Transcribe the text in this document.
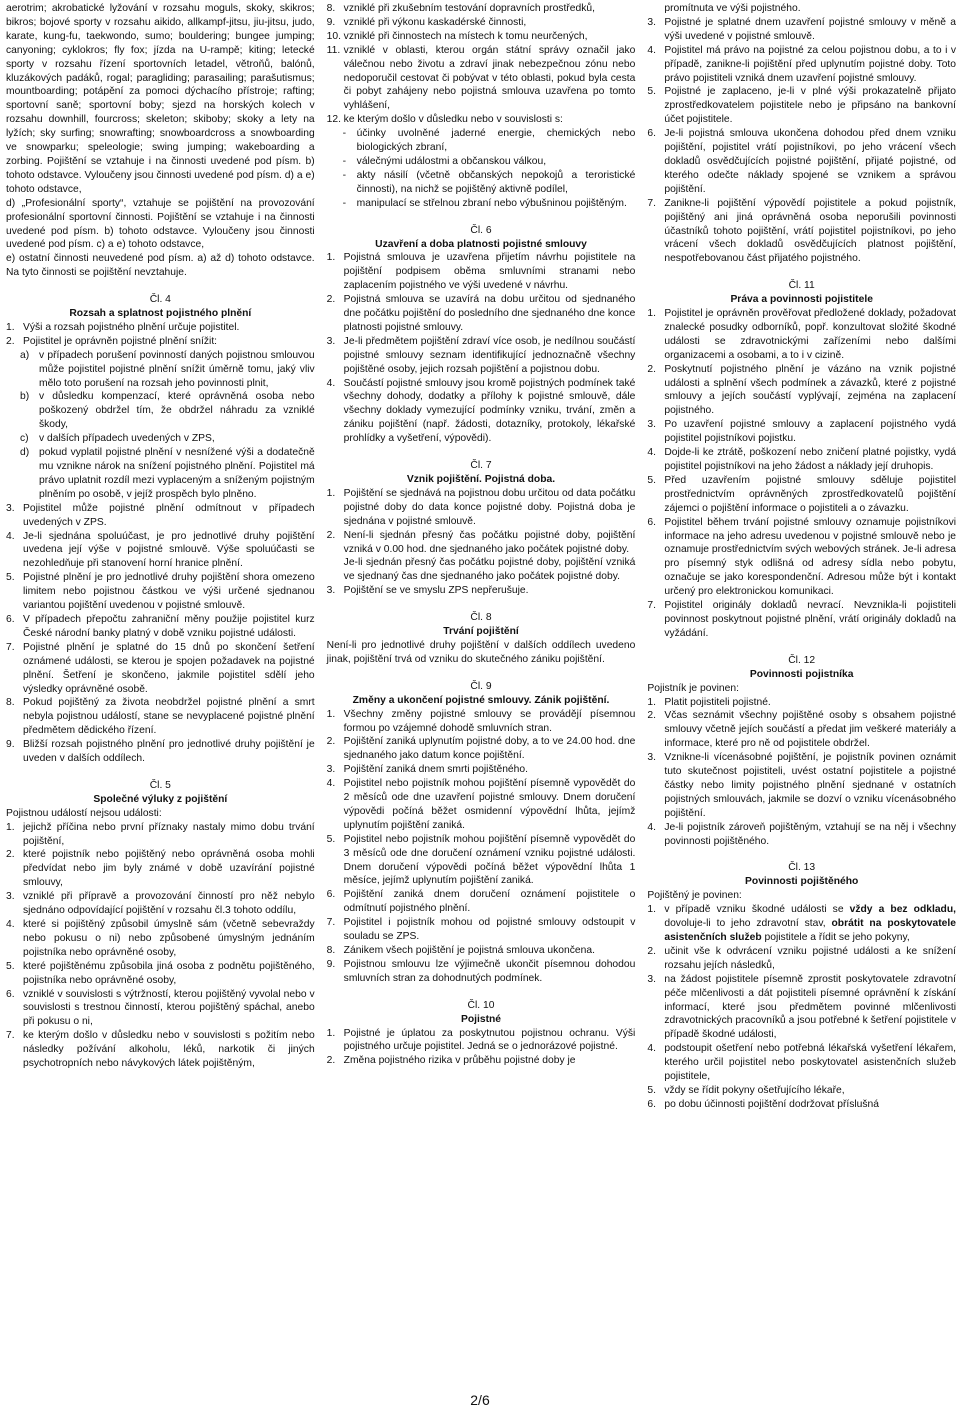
aerotrim; akrobatické lyžování v rozsahu moguls, skoky, skikros; bikros; bojové sporty v rozsahu aikido, allkampf-jitsu, jiu-jitsu, judo, karate, kung-fu, taekwondo, sumo; bouldering; bungee jumping; canyoning; cyklokros; fly fox; jízda na U-rampě; kiting; letecké sporty v rozsahu řízení sportovních letadel, větroňů, balónů, kluzákových padáků, rogal; paragliding; parasailing; parašutismus; mountboarding; potápění za pomoci dýchacího přístroje; rafting; sportovní saně; sportovní boby; sjezd na horských kolech v rozsahu downhill, fourcross; skeleton; skiboby; skoky a lety na lyžích; sky surfing; snowrafting; snowboardcross a snowboarding ve snowparku; speleologie; swing jumping; wakeboarding a zorbing. Pojištění se vztahuje i na činnosti uvedené pod písm. b) tohoto odstavce. Vyloučeny jsou činnosti uvedené pod písm. d) a e) tohoto odstavce,

d) „Profesionální sporty“, vztahuje se pojištění na provozování profesionální sportovní činnosti. Pojištění se vztahuje i na činnosti uvedené pod písm. b) tohoto odstavce. Vyloučeny jsou činnosti uvedené pod písm. c) a e) tohoto odstavce,

e) ostatní činnosti neuvedené pod písm. a) až d) tohoto odstavce. Na tyto činnosti se pojištění nevztahuje.

Čl. 4
Rozsah a splatnost pojistného plnění

1. Výši a rozsah pojistného plnění určuje pojistitel.
2. Pojistitel je oprávněn pojistné plnění snížit:
a) v případech porušení povinností daných pojistnou smlouvou může pojistitel pojistné plnění snížit úměrně tomu, jaký vliv mělo toto porušení na rozsah jeho povinnosti plnit,
b) v důsledku kompenzací, které oprávněná osoba nebo poškozený obdržel tím, že obdržel náhradu za vzniklé škody,
c)	v dalších případech uvedených v ZPS,
d) pokud vyplatil pojistné plnění v nesnížené výši a dodatečně mu vznikne nárok na snížení pojistného plnění. Pojistitel má právo uplatnit rozdíl mezi vyplaceným a sníženým pojistným plněním po osobě, v jejíž prospěch bylo plněno.
3. Pojistitel může pojistné plnění odmítnout v případech uvedených v ZPS.
4. Je-li sjednána spoluúčast, je pro jednotlivé druhy pojištění uvedena její výše v pojistné smlouvě. Výše spoluúčasti se nezohledňuje při stanovení horní hranice plnění.
5. Pojistné plnění je pro jednotlivé druhy pojištění shora omezeno limitem nebo pojistnou částkou ve výši určené sjednanou variantou pojištění uvedenou v pojistné smlouvě.
6. V případech přepočtu zahraniční měny použije pojistitel kurz České národní banky platný v době vzniku pojistné události.
7. Pojistné plnění je splatné do 15 dnů po skončení šetření oznámené události, se kterou je spojen požadavek na pojistné plnění. Šetření je skončeno, jakmile pojistitel sdělí jeho výsledky oprávněné osobě.
8. Pokud pojištěný za života neobdržel pojistné plnění a smrt nebyla pojistnou událostí, stane se nevyplacené pojistné plnění předmětem dědického řízení.
9. Bližší rozsah pojistného plnění pro jednotlivé druhy pojištění je uveden v dalších oddílech.

Čl. 5
Společné výluky z pojištění

Pojistnou událostí nejsou události:

1. jejichž příčina nebo první příznaky nastaly mimo dobu trvání pojištění,
2. které pojistník nebo pojištěný nebo oprávněná osoba mohli předvídat nebo jim byly známé v době uzavírání pojistné smlouvy,
3. vzniklé při přípravě a provozování činností pro něž nebylo sjednáno odpovídající pojištění v rozsahu čl.3 tohoto oddílu,
4. které si pojištěný způsobil úmyslně sám (včetně sebevraždy nebo pokusu o ni) nebo způsobené úmyslným jednáním pojistníka nebo oprávněné osoby,
5. které pojištěnému způsobila jiná osoba z podnětu pojištěného, pojistníka nebo oprávněné osoby,
6. vzniklé v souvislosti s výtržností, kterou pojištěný vyvolal nebo v souvislosti s trestnou činností, kterou pojištěný spáchal, anebo při pokusu o ni,
7. ke kterým došlo v důsledku nebo v souvislosti s požitím nebo následky požívání alkoholu, léků, narkotik či jiných psychotropních nebo návykových látek pojištěným,
8. vzniklé při zkušebním testování dopravních prostředků,
9. vzniklé při výkonu kaskadérské činnosti,
10. vzniklé při činnostech na místech k tomu neurčených,
11. vzniklé v oblasti, kterou orgán státní správy označil jako válečnou nebo životu a zdraví jinak nebezpečnou zónu nebo nedoporučil cestovat či pobývat v této oblasti, pokud byla cesta či pobyt zahájeny nebo pojistná smlouva uzavřena po tomto vyhlášení,
12. ke kterým došlo v důsledku nebo v souvislosti s:
-	účinky uvolněné jaderné energie, chemických nebo biologických zbraní,
-	válečnými událostmi a občanskou válkou,
-	akty násilí (včetně občanských nepokojů a teroristické činnosti), na nichž se pojištěný aktivně podílel,
-	manipulací se střelnou zbraní nebo výbušninou pojištěným.

Čl. 6
Uzavření a doba platnosti pojistné smlouvy

1. Pojistná smlouva je uzavřena přijetím návrhu pojistitele na pojištění podpisem oběma smluvními stranami nebo zaplacením pojistného ve výši uvedené v návrhu.
2. Pojistná smlouva se uzavírá na dobu určitou od sjednaného dne počátku pojištění do posledního dne sjednaného dne konce platnosti pojistné smlouvy.
3. Je-li předmětem pojištění zdraví více osob, je nedílnou součástí pojistné smlouvy seznam identifikující jednoznačně všechny pojištěné osoby, jejich rozsah pojištění a pojistnou dobu.
4. Součástí pojistné smlouvy jsou kromě pojistných podmínek také všechny dohody, dodatky a přílohy k pojistné smlouvě, dále všechny doklady vymezující podmínky vzniku, trvání, změn a zániku pojištění (např. žádosti, dotazníky, protokoly, lékařské prohlídky a vyšetření, výpovědi).

Čl. 7
Vznik pojištění. Pojistná doba.

1. Pojištění se sjednává na pojistnou dobu určitou od data počátku pojistné doby do data konce pojistné doby. Pojistná doba je sjednána v pojistné smlouvě.
2. Není-li sjednán přesný čas počátku pojistné doby, pojištění vzniká v 0.00 hod. dne sjednaného jako počátek pojistné doby.

Je-li sjednán přesný čas počátku pojistné doby, pojištění vzniká ve sjednaný čas dne sjednaného jako počátek pojistné doby.

3. Pojištění se ve smyslu ZPS nepřerušuje.

Čl. 8
Trvání pojištění

Není-li pro jednotlivé druhy pojištění v dalších oddílech uvedeno jinak, pojištění trvá od vzniku do skutečného zániku pojištění.

Čl. 9
Změny a ukončení pojistné smlouvy. Zánik pojištění.

1. Všechny změny pojistné smlouvy se provádějí písemnou formou po vzájemné dohodě smluvních stran.
2. Pojištění zaniká uplynutím pojistné doby, a to ve 24.00 hod. dne sjednaného jako datum konce pojištění.
3. Pojištění zaniká dnem smrti pojištěného.
4. Pojistitel nebo pojistník mohou pojištění písemně vypovědět do 2 měsíců ode dne uzavření pojistné smlouvy. Dnem doručení výpovědi počíná běžet osmidenní výpovědní lhůta, jejímž uplynutím pojištění zaniká.
5. Pojistitel nebo pojistník mohou pojištění písemně vypovědět do 3 měsíců ode dne doručení oznámení vzniku pojistné události. Dnem doručení výpovědi počíná běžet výpovědní lhůta 1 měsíce, jejímž uplynutím pojištění zaniká.
6. Pojištění zaniká dnem doručení oznámení pojistitele o odmítnutí pojistného plnění.
7. Pojistitel i pojistník mohou od pojistné smlouvy odstoupit v souladu se ZPS.
8. Zánikem všech pojištění je pojistná smlouva ukončena.
9. Pojistnou smlouvu lze výjimečně ukončit písemnou dohodou smluvních stran za dohodnutých podmínek.

Čl. 10
Pojistné

1. Pojistné je úplatou za poskytnutou pojistnou ochranu. Výši pojistného určuje pojistitel. Jedná se o jednorázové pojistné.
2. Změna pojistného rizika v průběhu pojistné doby je

promítnuta ve výši pojistného.

3. Pojistné je splatné dnem uzavření pojistné smlouvy v měně a výši uvedené v pojistné smlouvě.
4. Pojistitel má právo na pojistné za celou pojistnou dobu, a to i v případě, zanikne-li pojištění před uplynutím pojistné doby. Toto právo pojistiteli vzniká dnem uzavření pojistné smlouvy.
5. Pojistné je zaplaceno, je-li v plné výši prokazatelně přijato zprostředkovatelem pojistitele nebo je připsáno na bankovní účet pojistitele.
6. Je-li pojistná smlouva ukončena dohodou před dnem vzniku pojištění, pojistitel vrátí pojistníkovi, po jeho vrácení všech dokladů osvědčujících pojistné pojištění, přijaté pojistné, od kterého odečte náklady spojené se vznikem a správou pojištění.
7. Zanikne-li pojištění výpovědí pojistitele a pokud pojistník, pojištěný ani jiná oprávněná osoba neporušili povinnosti účastníků tohoto pojištění, vrátí pojistitel pojistníkovi, po jeho vrácení všech dokladů osvědčujících platnost pojištění, nespotřebovanou část přijatého pojistného.

Čl. 11
Práva a povinnosti pojistitele

1. Pojistitel je oprávněn prověřovat předložené doklady, požadovat znalecké posudky odborníků, popř. konzultovat složité škodné události se zdravotnickými zařízeními nebo dalšími organizacemi a osobami, a to i v cizině.
2. Poskytnutí pojistného plnění je vázáno na vznik pojistné události a splnění všech podmínek a závazků, které z pojistné smlouvy a jejích součástí vyplývají, zejména na zaplacení pojistného.
3. Po uzavření pojistné smlouvy a zaplacení pojistného vydá pojistitel pojistníkovi pojistku.
4. Dojde-li ke ztrátě, poškození nebo zničení platné pojistky, vydá pojistitel pojistníkovi na jeho žádost a náklady její druhopis.
5. Před uzavřením pojistné smlouvy sděluje pojistitel prostřednictvím oprávněných zprostředkovatelů pojištění zájemci o pojištění informace o pojistiteli a o závazku.
6. Pojistitel během trvání pojistné smlouvy oznamuje pojistníkovi informace na jeho adresu uvedenou v pojistné smlouvě nebo je oznamuje prostřednictvím svých webových stránek. Je-li adresa pro písemný styk odlišná od adresy sídla nebo pobytu, označuje se jako korespondenční. Adresou může být i kontakt určený pro elektronickou komunikaci.
7. Pojistitel originály dokladů nevrací. Nevznikla-li pojistiteli povinnost poskytnout pojistné plnění, vrátí originály dokladů na vyžádání.

Čl. 12
Povinnosti pojistníka

Pojistník je povinen:

1. Platit pojistiteli pojistné.
2. Včas seznámit všechny pojištěné osoby s obsahem pojistné smlouvy včetně jejích součástí a předat jim veškeré materiály a informace, které pro ně od pojistitele obdržel.
3. Vznikne-li vícenásobné pojištění, je pojistník povinen oznámit tuto skutečnost pojistiteli, uvést ostatní pojistitele a pojistné částky nebo limity pojistného plnění sjednané v ostatních pojistných smlouvách, jakmile se dozví o vzniku vícenásobného pojištění.
4. Je-li pojistník zároveň pojištěným, vztahují se na něj i všechny povinnosti pojištěného.

Čl. 13
Povinnosti pojištěného

Pojištěný je povinen:

1. v případě vzniku škodné události se vždy a bez odkladu, dovoluje-li to jeho zdravotní stav, obrátit na poskytovatele asistenčních služeb pojistitele a řídit se jeho pokyny,
2. učinit vše k odvrácení vzniku pojistné události a ke snížení rozsahu jejích následků,
3. na žádost pojistitele písemně zprostit poskytovatele zdravotní péče mlčenlivosti a dát pojistiteli písemné oprávnění k získání informací, které jsou předmětem povinné mlčenlivosti zdravotnických pracovníků a jsou potřebné k šetření pojistitele v případě škodné události,
4. podstoupit ošetření nebo potřebná lékařská vyšetření lékařem, kterého určil pojistitel nebo poskytovatel asistenčních služeb pojistitele,
5. vždy se řídit pokyny ošetřujícího lékaře,
6. po dobu účinnosti pojištění dodržovat příslušná
2/6
